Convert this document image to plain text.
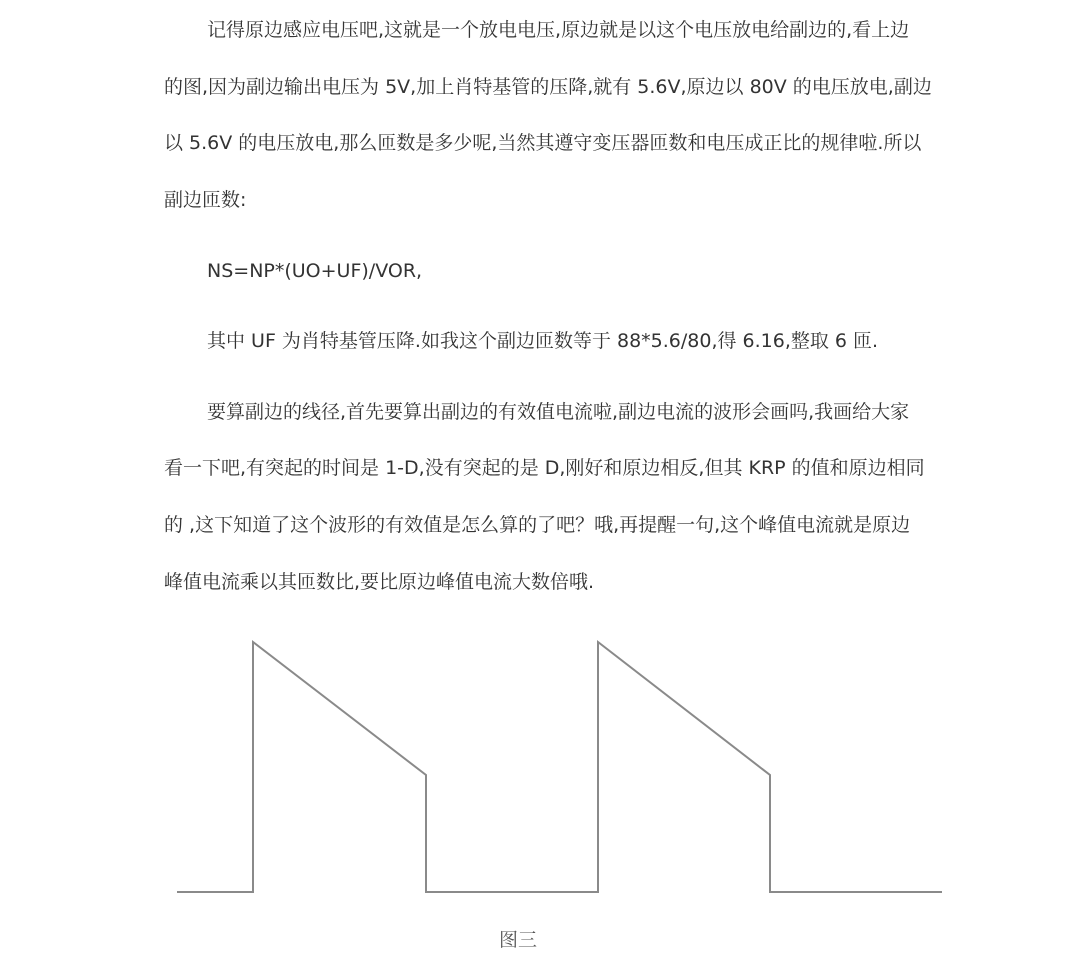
记得原边感应电压吧,这就是一个放电电压,原边就是以这个电压放电给副边的,看上边
的图,因为副边输出电压为 5V,加上肖特基管的压降,就有 5.6V,原边以 80V 的电压放电,副边
以 5.6V 的电压放电,那么匝数是多少呢,当然其遵守变压器匝数和电压成正比的规律啦.所以
副边匝数:
NS=NP*(UO+UF)/VOR,
其中 UF 为肖特基管压降.如我这个副边匝数等于 88*5.6/80,得 6.16,整取 6 匝.
要算副边的线径,首先要算出副边的有效值电流啦,副边电流的波形会画吗,我画给大家
看一下吧,有突起的时间是 1-D,没有突起的是 D,刚好和原边相反,但其 KRP 的值和原边相同
的 ,这下知道了这个波形的有效值是怎么算的了吧？哦,再提醒一句,这个峰值电流就是原边
峰值电流乘以其匝数比,要比原边峰值电流大数倍哦.
图三
